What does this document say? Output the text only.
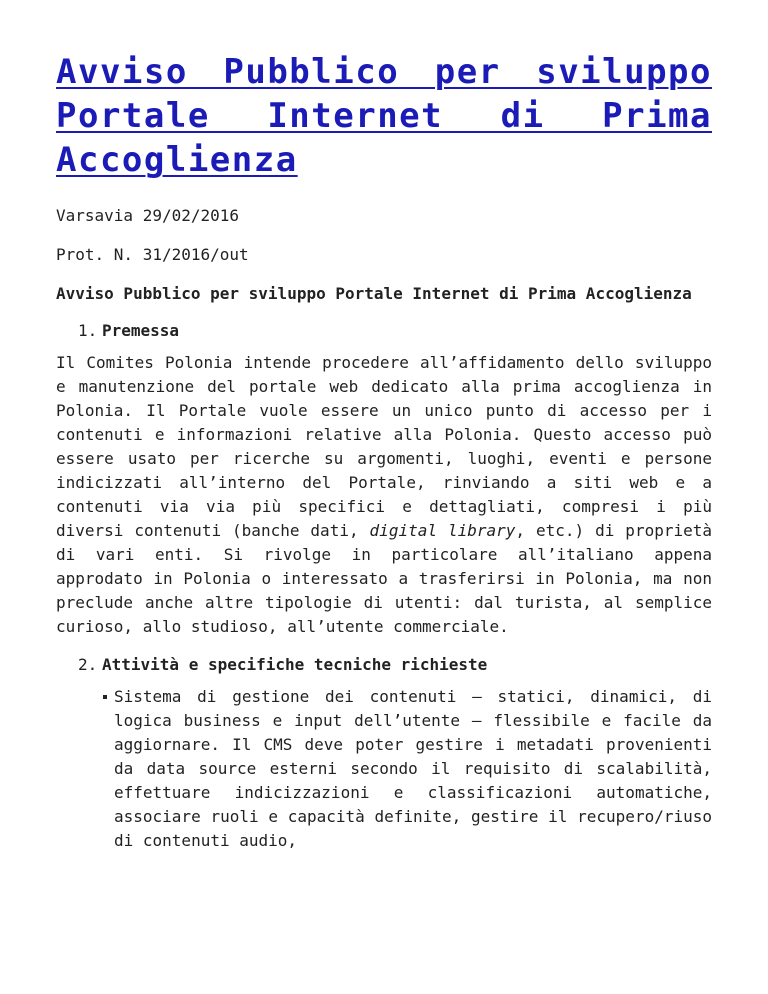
Avviso Pubblico per sviluppo Portale Internet di Prima Accoglienza

Varsavia 29/02/2016

Prot. N. 31/2016/out

Avviso Pubblico per sviluppo Portale Internet di Prima Accoglienza

1. Premessa

Il Comites Polonia intende procedere all’affidamento dello sviluppo e manutenzione del portale web dedicato alla prima accoglienza in Polonia. Il Portale vuole essere un unico punto di accesso per i contenuti e informazioni relative alla Polonia. Questo accesso può essere usato per ricerche su argomenti, luoghi, eventi e persone indicizzati all’interno del Portale, rinviando a siti web e a contenuti via via più specifici e dettagliati, compresi i più diversi contenuti (banche dati, digital library, etc.) di proprietà di vari enti. Si rivolge in particolare all’italiano appena approdato in Polonia o interessato a trasferirsi in Polonia, ma non preclude anche altre tipologie di utenti: dal turista, al semplice curioso, allo studioso, all’utente commerciale.

2. Attività e specifiche tecniche richieste
Sistema di gestione dei contenuti – statici, dinamici, di logica business e input dell’utente – flessibile e facile da aggiornare. Il CMS deve poter gestire i metadati provenienti da data source esterni secondo il requisito di scalabilità, effettuare indicizzazioni e classificazioni automatiche, associare ruoli e capacità definite, gestire il recupero/riuso di contenuti audio,
